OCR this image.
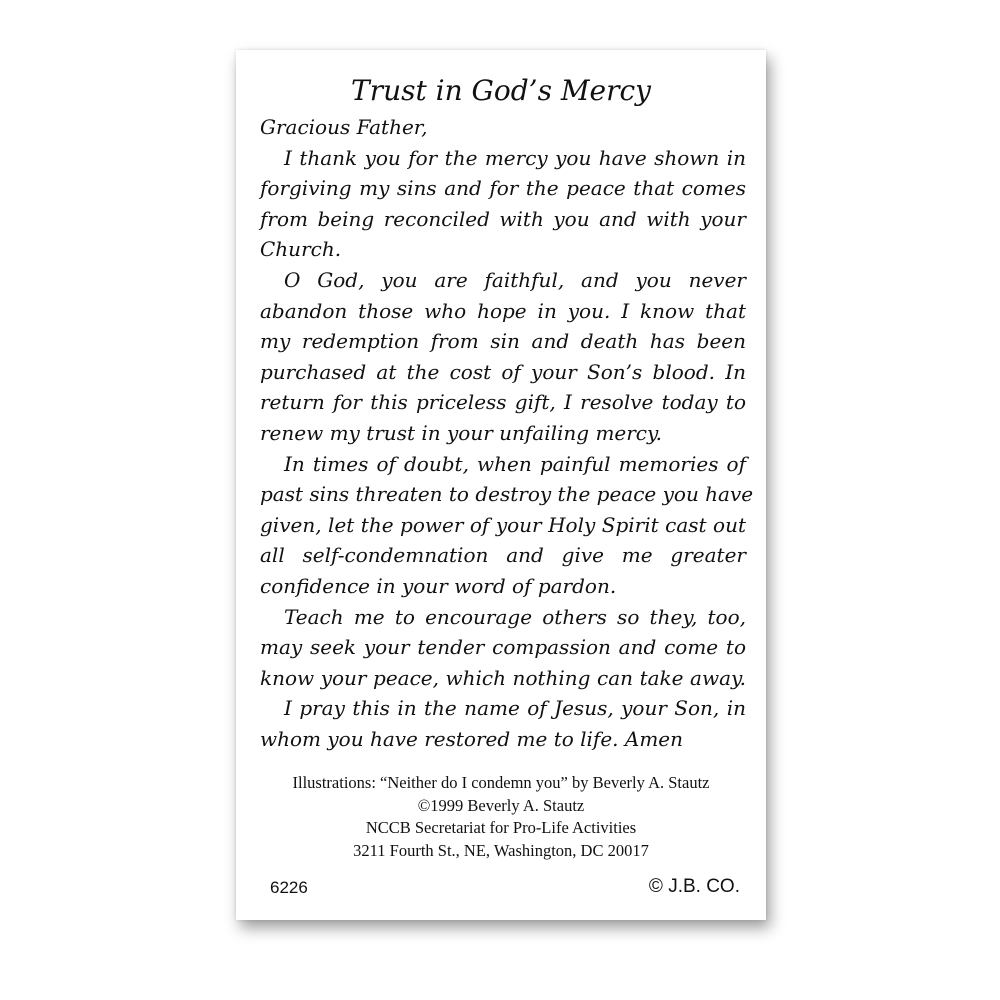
Trust in God’s Mercy
Gracious Father,
I thank you for the mercy you have shown in
forgiving my sins and for the peace that comes
from being reconciled with you and with your
Church.
O God, you are faithful, and you never
abandon those who hope in you. I know that
my redemption from sin and death has been
purchased at the cost of your Son’s blood. In
return for this priceless gift, I resolve today to
renew my trust in your unfailing mercy.
In times of doubt, when painful memories of
past sins threaten to destroy the peace you have
given, let the power of your Holy Spirit cast out
all self-condemnation and give me greater
confidence in your word of pardon.
Teach me to encourage others so they, too,
may seek your tender compassion and come to
know your peace, which nothing can take away.
I pray this in the name of Jesus, your Son, in
whom you have restored me to life. Amen
Illustrations: “Neither do I condemn you” by Beverly A. Stautz
©1999 Beverly A. Stautz
NCCB Secretariat for Pro-Life Activities
3211 Fourth St., NE, Washington, DC 20017
6226	© J.B. CO.
